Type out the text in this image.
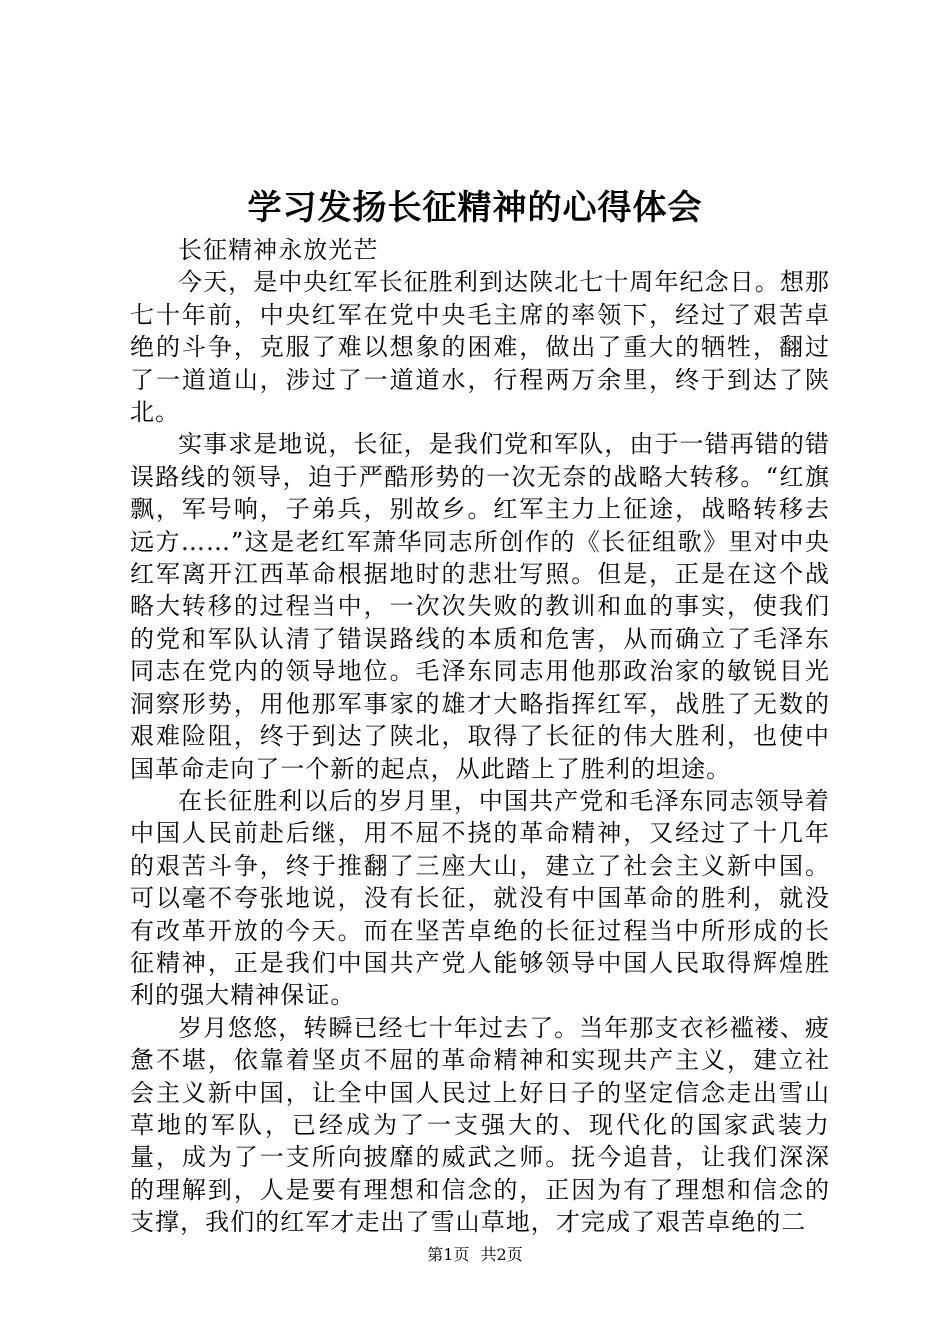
学习发扬长征精神的心得体会

长征精神永放光芒

今天，是中央红军长征胜利到达陕北七十周年纪念日。想那七十年前，中央红军在党中央毛主席的率领下，经过了艰苦卓绝的斗争，克服了难以想象的困难，做出了重大的牺牲，翻过了一道道山，涉过了一道道水，行程两万余里，终于到达了陕北。

实事求是地说，长征，是我们党和军队，由于一错再错的错误路线的领导，迫于严酷形势的一次无奈的战略大转移。“红旗飘，军号响，子弟兵，别故乡。红军主力上征途，战略转移去远方……”这是老红军萧华同志所创作的《长征组歌》里对中央红军离开江西革命根据地时的悲壮写照。但是，正是在这个战略大转移的过程当中，一次次失败的教训和血的事实，使我们的党和军队认清了错误路线的本质和危害，从而确立了毛泽东同志在党内的领导地位。毛泽东同志用他那政治家的敏锐目光洞察形势，用他那军事家的雄才大略指挥红军，战胜了无数的艰难险阻，终于到达了陕北，取得了长征的伟大胜利，也使中国革命走向了一个新的起点，从此踏上了胜利的坦途。

在长征胜利以后的岁月里，中国共产党和毛泽东同志领导着中国人民前赴后继，用不屈不挠的革命精神，又经过了十几年的艰苦斗争，终于推翻了三座大山，建立了社会主义新中国。可以毫不夸张地说，没有长征，就没有中国革命的胜利，就没有改革开放的今天。而在坚苦卓绝的长征过程当中所形成的长征精神，正是我们中国共产党人能够领导中国人民取得辉煌胜利的强大精神保证。

岁月悠悠，转瞬已经七十年过去了。当年那支衣衫褴褛、疲惫不堪，依靠着坚贞不屈的革命精神和实现共产主义，建立社会主义新中国，让全中国人民过上好日子的坚定信念走出雪山草地的军队，已经成为了一支强大的、现代化的国家武装力量，成为了一支所向披靡的威武之师。抚今追昔，让我们深深的理解到，人是要有理想和信念的，正因为有了理想和信念的支撑，我们的红军才走出了雪山草地，才完成了艰苦卓绝的二

第1页 共2页
